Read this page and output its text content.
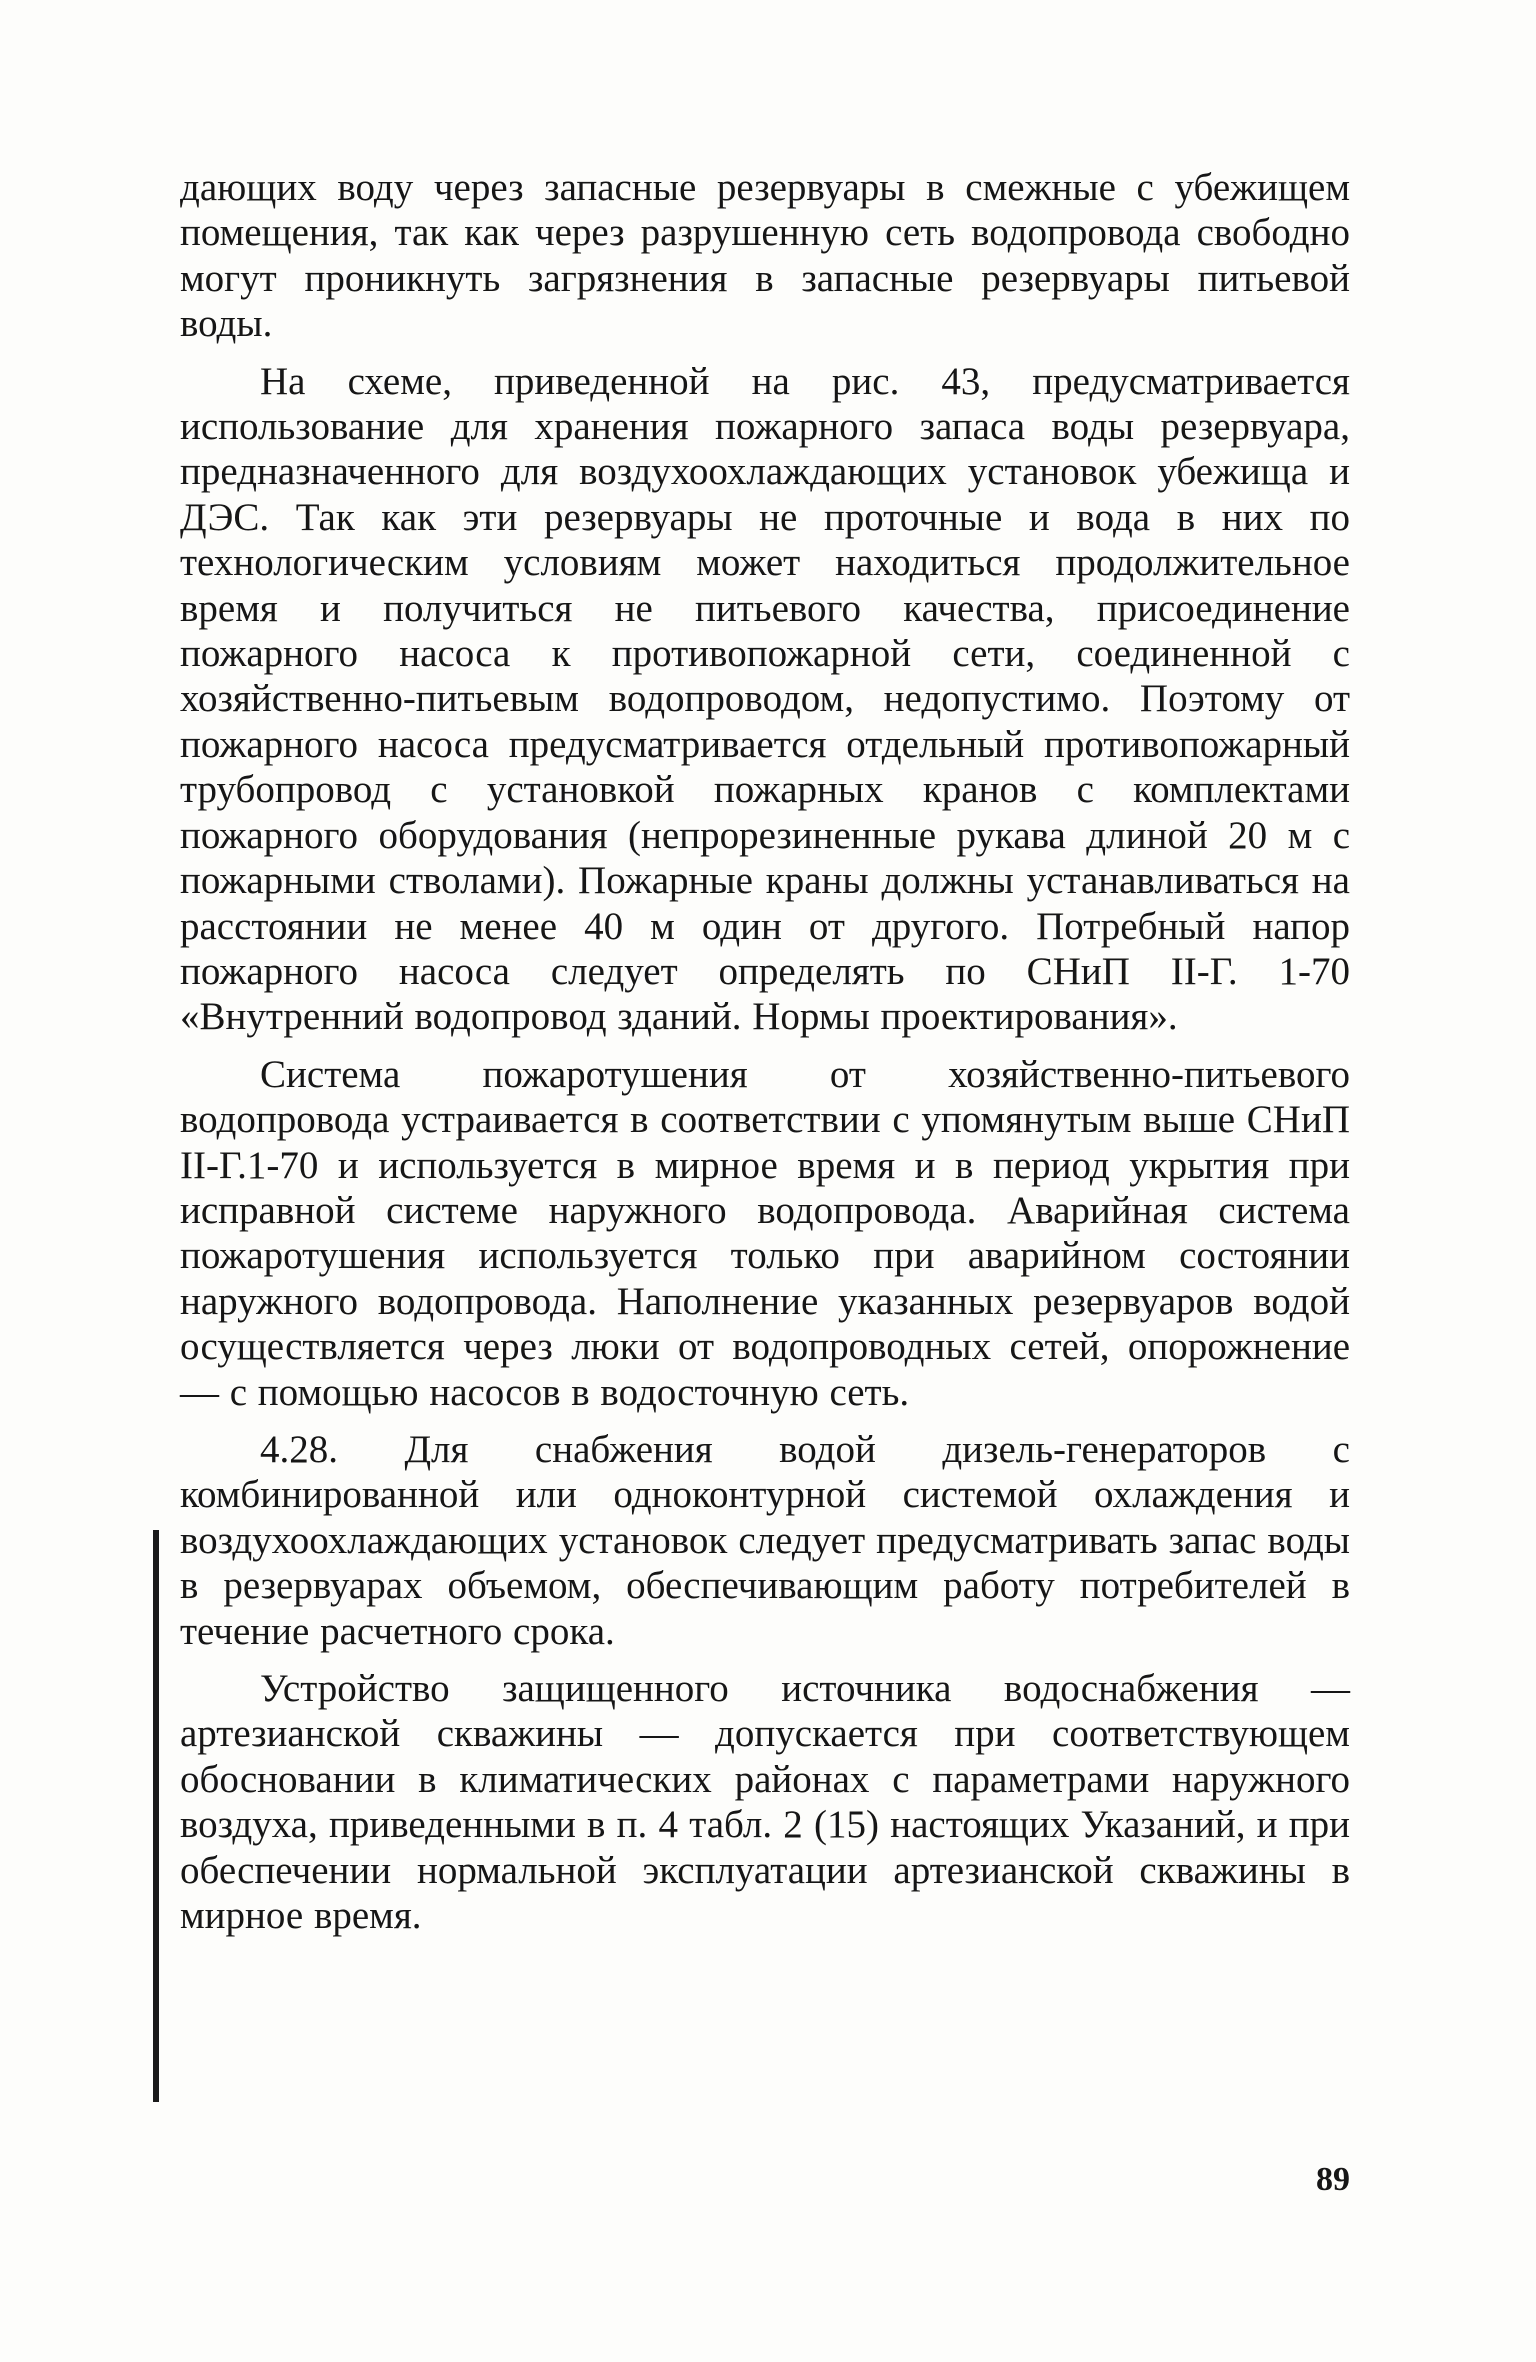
дающих воду через запасные резервуары в смежные с убежищем помещения, так как через разрушенную сеть водопровода свободно могут проникнуть загрязнения в запасные резервуары питьевой воды.

На схеме, приведенной на рис. 43, предусматривается использование для хранения пожарного запаса воды резервуара, предназначенного для воздухоохлаждающих установок убежища и ДЭС. Так как эти резервуары не проточные и вода в них по технологическим условиям может находиться продолжительное время и получиться не питьевого качества, присоединение пожарного насоса к противопожарной сети, соединенной с хозяйственно-питьевым водопроводом, недопустимо. Поэтому от пожарного насоса предусматривается отдельный противопожарный трубопровод с установкой пожарных кранов с комплектами пожарного оборудования (непрорезиненные рукава длиной 20 м с пожарными стволами). Пожарные краны должны устанавливаться на расстоянии не менее 40 м один от другого. Потребный напор пожарного насоса следует определять по СНиП II-Г. 1-70 «Внутренний водопровод зданий. Нормы проектирования».

Система пожаротушения от хозяйственно-питьевого водопровода устраивается в соответствии с упомянутым выше СНиП II-Г.1-70 и используется в мирное время и в период укрытия при исправной системе наружного водопровода. Аварийная система пожаротушения используется только при аварийном состоянии наружного водопровода. Наполнение указанных резервуаров водой осуществляется через люки от водопроводных сетей, опорожнение — с помощью насосов в водосточную сеть.

4.28. Для снабжения водой дизель-генераторов с комбинированной или одноконтурной системой охлаждения и воздухоохлаждающих установок следует предусматривать запас воды в резервуарах объемом, обеспечивающим работу потребителей в течение расчетного срока.

Устройство защищенного источника водоснабжения — артезианской скважины — допускается при соответствующем обосновании в климатических районах с параметрами наружного воздуха, приведенными в п. 4 табл. 2 (15) настоящих Указаний, и при обеспечении нормальной эксплуатации артезианской скважины в мирное время.

89
